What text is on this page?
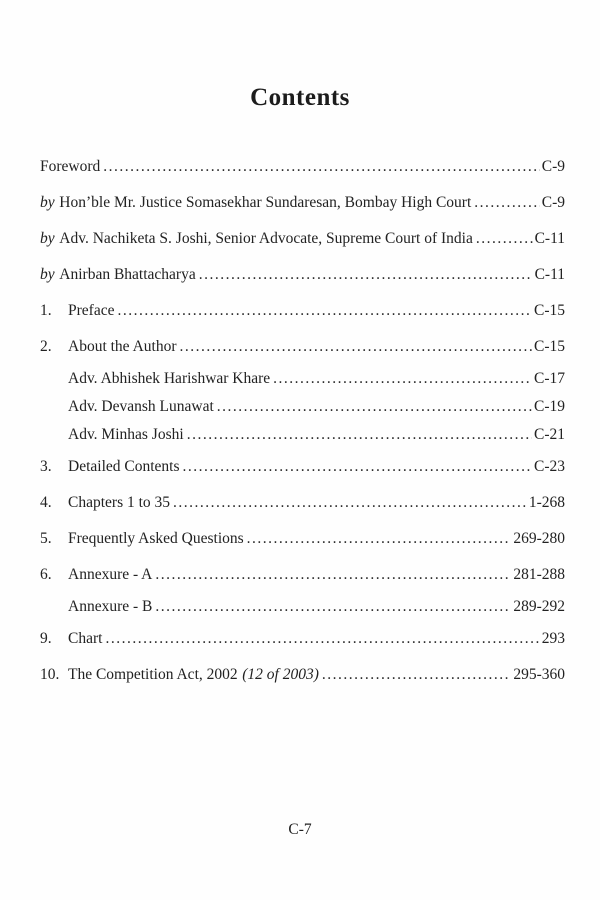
Contents
Foreword .....	C-9
by Hon’ble Mr. Justice Somasekhar Sundaresan, Bombay High Court .....	C-9
by Adv. Nachiketa S. Joshi, Senior Advocate, Supreme Court of India .....	C-11
by Anirban Bhattacharya .....	C-11
1.	Preface .....	C-15
2.	About the Author .....	C-15
Adv. Abhishek Harishwar Khare .....	C-17
Adv. Devansh Lunawat .....	C-19
Adv. Minhas Joshi .....	C-21
3.	Detailed Contents .....	C-23
4.	Chapters 1 to 35 .....	1-268
5.	Frequently Asked Questions .....	269-280
6.	Annexure - A .....	281-288
Annexure - B .....	289-292
9.	Chart .....	293
10. The Competition Act, 2002 (12 of 2003) .....	295-360
C-7
